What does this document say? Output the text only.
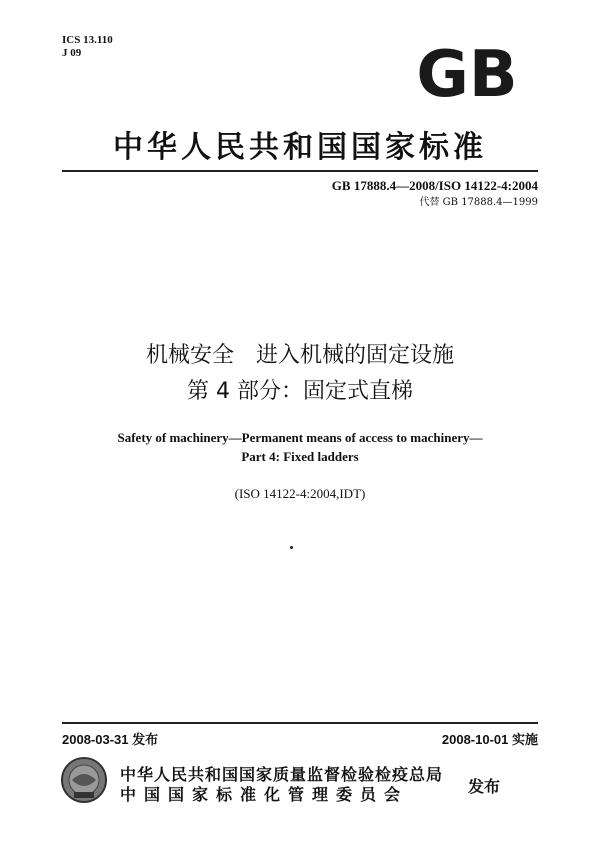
ICS 13.110
J 09	GB
中华人民共和国国家标准
GB 17888.4—2008/ISO 14122-4:2004
代替 GB 17888.4—1999
机械安全　进入机械的固定设施
第 4 部分：固定式直梯
Safety of machinery—Permanent means of access to machinery—
Part 4: Fixed ladders
(ISO 14122-4:2004,IDT)
2008-03-31 发布	2008-10-01 实施
中华人民共和国国家质量监督检验检疫总局
中国国家标准化管理委员会	发布
